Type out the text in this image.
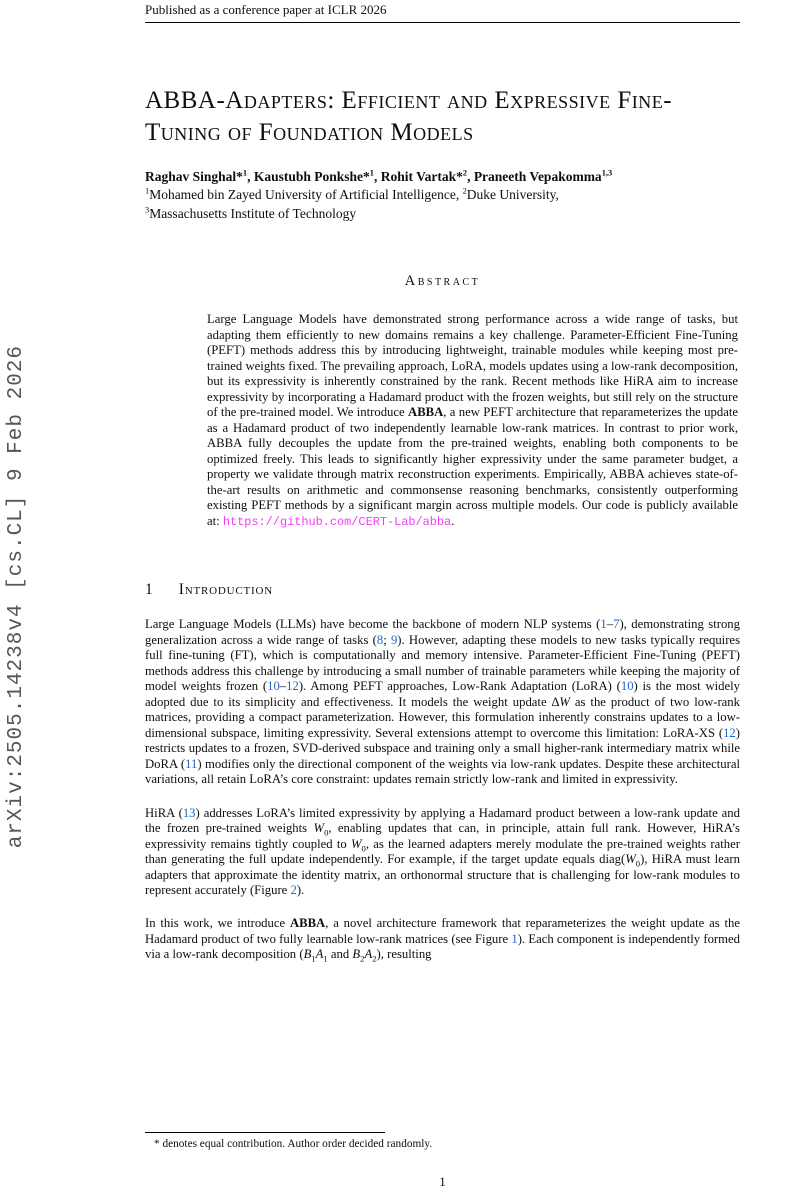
arXiv:2505.14238v4 [cs.CL] 9 Feb 2026
Published as a conference paper at ICLR 2026
ABBA-Adapters: Efficient and Expressive Fine-Tuning of Foundation Models
Raghav Singhal*$^1$, Kaustubh Ponkshe*$^1$, Rohit Vartak*$^2$, Praneeth Vepakomma$^{1,3}$
$^1$Mohamed bin Zayed University of Artificial Intelligence, $^2$Duke University,
$^3$Massachusetts Institute of Technology
Abstract
Large Language Models have demonstrated strong performance across a wide range of tasks, but adapting them efficiently to new domains remains a key challenge. Parameter-Efficient Fine-Tuning (PEFT) methods address this by introducing lightweight, trainable modules while keeping most pre-trained weights fixed. The prevailing approach, LoRA, models updates using a low-rank decomposition, but its expressivity is inherently constrained by the rank. Recent methods like HiRA aim to increase expressivity by incorporating a Hadamard product with the frozen weights, but still rely on the structure of the pre-trained model. We introduce ABBA, a new PEFT architecture that reparameterizes the update as a Hadamard product of two independently learnable low-rank matrices. In contrast to prior work, ABBA fully decouples the update from the pre-trained weights, enabling both components to be optimized freely. This leads to significantly higher expressivity under the same parameter budget, a property we validate through matrix reconstruction experiments. Empirically, ABBA achieves state-of-the-art results on arithmetic and commonsense reasoning benchmarks, consistently outperforming existing PEFT methods by a significant margin across multiple models. Our code is publicly available at: https://github.com/CERT-Lab/abba.
1 Introduction

Large Language Models (LLMs) have become the backbone of modern NLP systems (1–7), demonstrating strong generalization across a wide range of tasks (8; 9). However, adapting these models to new tasks typically requires full fine-tuning (FT), which is computationally and memory intensive. Parameter-Efficient Fine-Tuning (PEFT) methods address this challenge by introducing a small number of trainable parameters while keeping the majority of model weights frozen (10–12). Among PEFT approaches, Low-Rank Adaptation (LoRA) (10) is the most widely adopted due to its simplicity and effectiveness. It models the weight update ∆W as the product of two low-rank matrices, providing a compact parameterization. However, this formulation inherently constrains updates to a low-dimensional subspace, limiting expressivity. Several extensions attempt to overcome this limitation: LoRA-XS (12) restricts updates to a frozen, SVD-derived subspace and training only a small higher-rank intermediary matrix while DoRA (11) modifies only the directional component of the weights via low-rank updates. Despite these architectural variations, all retain LoRA’s core constraint: updates remain strictly low-rank and limited in expressivity.

HiRA (13) addresses LoRA’s limited expressivity by applying a Hadamard product between a low-rank update and the frozen pre-trained weights $W_0$, enabling updates that can, in principle, attain full rank. However, HiRA’s expressivity remains tightly coupled to $W_0$, as the learned adapters merely modulate the pre-trained weights rather than generating the full update independently. For example, if the target update equals $diag(W_0)$, HiRA must learn adapters that approximate the identity matrix, an orthonormal structure that is challenging for low-rank modules to represent accurately (Figure 2).

In this work, we introduce ABBA, a novel architecture framework that reparameterizes the weight update as the Hadamard product of two fully learnable low-rank matrices (see Figure 1). Each component is independently formed via a low-rank decomposition ($B_1A_1$ and $B_2A_2$), resulting

* denotes equal contribution. Author order decided randomly.
1
